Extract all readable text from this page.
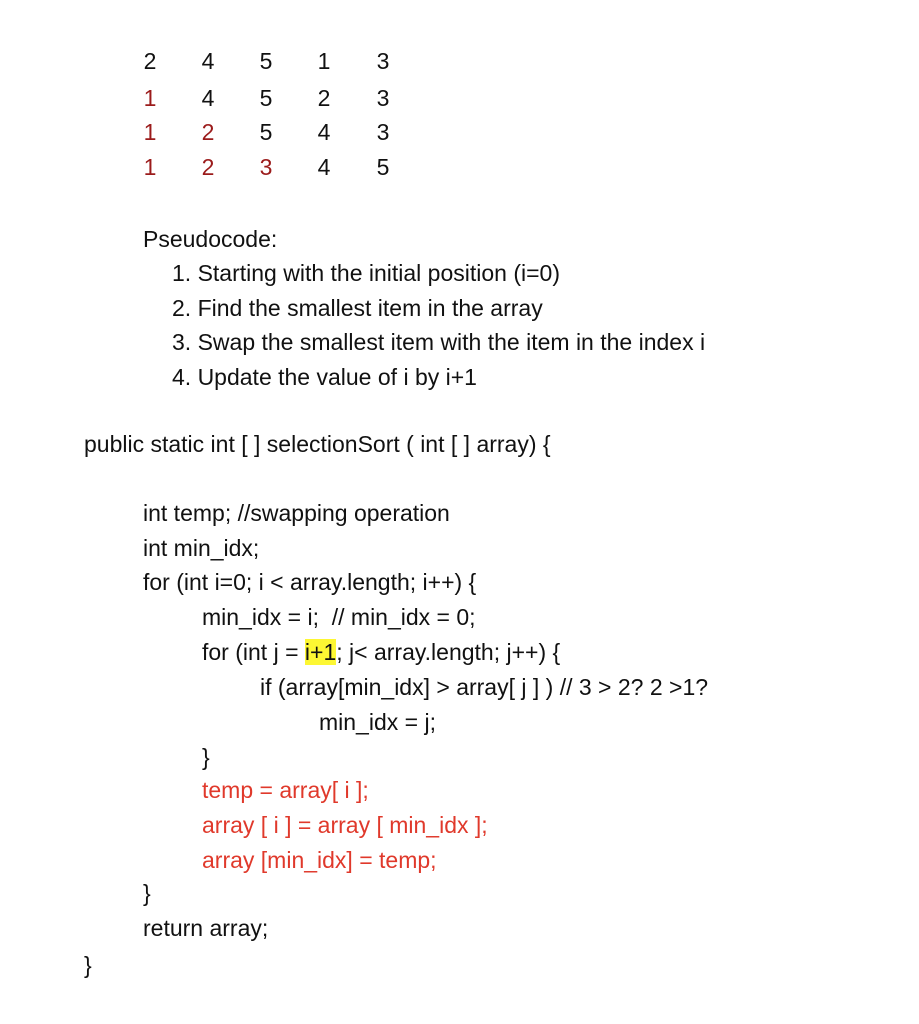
2	4	5	1	3
1	4	5	2	3
1	2	5	4	3
1	2	3	4	5
Pseudocode:
1. Starting with the initial position (i=0)
2. Find the smallest item in the array
3. Swap the smallest item with the item in the index i
4. Update the value of i by i+1
public static int [ ] selectionSort ( int [ ] array) {
int temp; //swapping operation
int min_idx;
for (int i=0; i < array.length; i++) {
min_idx = i;  // min_idx = 0;
for (int j = i+1; j< array.length; j++) {
if (array[min_idx] > array[ j ] ) // 3 > 2? 2 >1?
min_idx = j;
}
temp = array[ i ];
array [ i ] = array [ min_idx ];
array [min_idx] = temp;
}
return array;
}
